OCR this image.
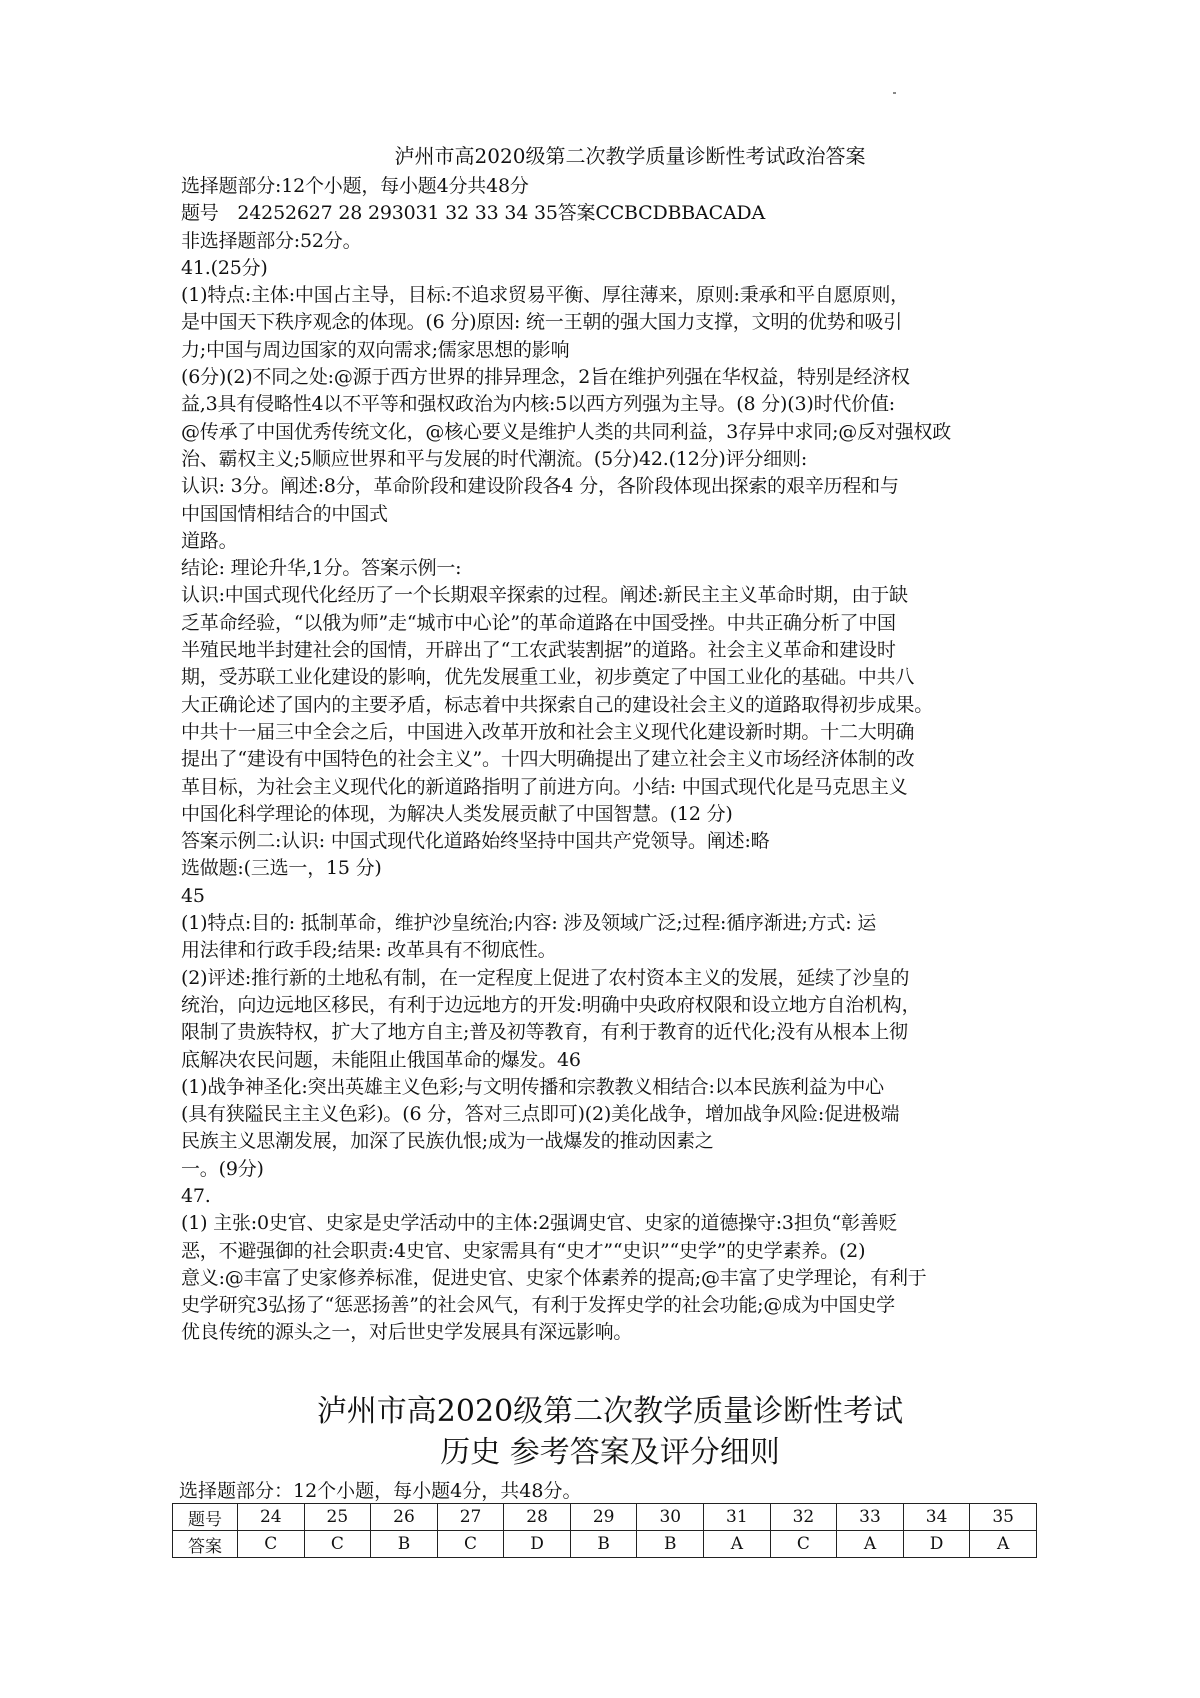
泸州市高2020级第二次教学质量诊断性考试政治答案

选择题部分:12个小题，每小题4分共48分

题号　24252627 28 293031 32 33 34 35答案CCBCDBBACADA

非选择题部分:52分。

41.(25分)

(1)特点:主体:中国占主导，目标:不追求贸易平衡、厚往薄来，原则:秉承和平自愿原则，

是中国天下秩序观念的体现。(6 分)原因: 统一王朝的强大国力支撑，文明的优势和吸引

力;中国与周边国家的双向需求;儒家思想的影响

(6分)(2)不同之处:@源于西方世界的排异理念，2旨在维护列强在华权益，特别是经济权

益,3具有侵略性4以不平等和强权政治为内核:5以西方列强为主导。(8 分)(3)时代价值:

@传承了中国优秀传统文化，@核心要义是维护人类的共同利益，3存异中求同;@反对强权政

治、霸权主义;5顺应世界和平与发展的时代潮流。(5分)42.(12分)评分细则:

认识: 3分。阐述:8分，革命阶段和建设阶段各4 分，各阶段体现出探索的艰辛历程和与

中国国情相结合的中国式

道路。

结论: 理论升华,1分。答案示例一:

认识:中国式现代化经历了一个长期艰辛探索的过程。阐述:新民主主义革命时期，由于缺

乏革命经验，“以俄为师”走“城市中心论”的革命道路在中国受挫。中共正确分析了中国

半殖民地半封建社会的国情，开辟出了“工农武装割据”的道路。社会主义革命和建设时

期，受苏联工业化建设的影响，优先发展重工业，初步奠定了中国工业化的基础。中共八

大正确论述了国内的主要矛盾，标志着中共探索自己的建设社会主义的道路取得初步成果。

中共十一届三中全会之后，中国进入改革开放和社会主义现代化建设新时期。十二大明确

提出了“建设有中国特色的社会主义”。十四大明确提出了建立社会主义市场经济体制的改

革目标，为社会主义现代化的新道路指明了前进方向。小结: 中国式现代化是马克思主义

中国化科学理论的体现，为解决人类发展贡献了中国智慧。(12 分)

答案示例二:认识: 中国式现代化道路始终坚持中国共产党领导。阐述:略

选做题:(三选一，15 分)

45

(1)特点:目的: 抵制革命，维护沙皇统治;内容: 涉及领域广泛;过程:循序渐进;方式: 运

用法律和行政手段;结果: 改革具有不彻底性。

(2)评述:推行新的土地私有制，在一定程度上促进了农村资本主义的发展，延续了沙皇的

统治，向边远地区移民，有利于边远地方的开发:明确中央政府权限和设立地方自治机构，

限制了贵族特权，扩大了地方自主;普及初等教育，有利于教育的近代化;没有从根本上彻

底解决农民问题，未能阻止俄国革命的爆发。46

(1)战争神圣化:突出英雄主义色彩;与文明传播和宗教教义相结合:以本民族利益为中心

(具有狭隘民主主义色彩)。(6 分，答对三点即可)(2)美化战争，增加战争风险:促进极端

民族主义思潮发展，加深了民族仇恨;成为一战爆发的推动因素之

一。(9分)

47.

(1) 主张:0史官、史家是史学活动中的主体:2强调史官、史家的道德操守:3担负“彰善贬

恶，不避强御的社会职责:4史官、史家需具有“史才”“史识”“史学”的史学素养。(2)

意义:@丰富了史家修养标准，促进史官、史家个体素养的提高;@丰富了史学理论，有利于

史学研究3弘扬了“惩恶扬善”的社会风气，有利于发挥史学的社会功能;@成为中国史学

优良传统的源头之一，对后世史学发展具有深远影响。

泸州市高2020级第二次教学质量诊断性考试
历史 参考答案及评分细则
选择题部分：12个小题，每小题4分，共48分。
题号	24	25	26	27	28	29	30	31	32	33	34	35
答案	C	C	B	C	D	B	B	A	C	A	D	A
